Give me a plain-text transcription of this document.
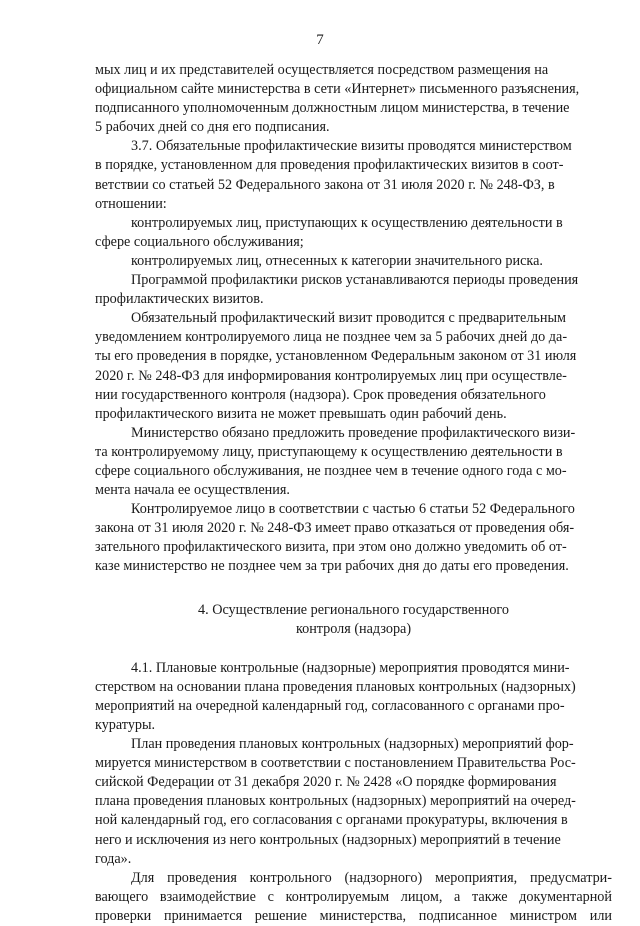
7

мых лиц и их представителей осуществляется посредством размещения на
официальном сайте министерства в сети «Интернет» письменного разъяснения,
подписанного уполномоченным должностным лицом министерства, в течение
5 рабочих дней со дня его подписания.

3.7. Обязательные профилактические визиты проводятся министерством
в порядке, установленном для проведения профилактических визитов в соот-
ветствии со статьей 52 Федерального закона от 31 июля 2020 г. № 248-ФЗ, в
отношении:

контролируемых лиц, приступающих к осуществлению деятельности в
сфере социального обслуживания;

контролируемых лиц, отнесенных к категории значительного риска.

Программой профилактики рисков устанавливаются периоды проведения
профилактических визитов.

Обязательный профилактический визит проводится с предварительным
уведомлением контролируемого лица не позднее чем за 5 рабочих дней до да-
ты его проведения в порядке, установленном Федеральным законом от 31 июля
2020 г. № 248-ФЗ для информирования контролируемых лиц при осуществле-
нии государственного контроля (надзора). Срок проведения обязательного
профилактического визита не может превышать один рабочий день.

Министерство обязано предложить проведение профилактического визи-
та контролируемому лицу, приступающему к осуществлению деятельности в
сфере социального обслуживания, не позднее чем в течение одного года с мо-
мента начала ее осуществления.

Контролируемое лицо в соответствии с частью 6 статьи 52 Федерального
закона от 31 июля 2020 г. № 248-ФЗ имеет право отказаться от проведения обя-
зательного профилактического визита, при этом оно должно уведомить об от-
казе министерство не позднее чем за три рабочих дня до даты его проведения.

4. Осуществление регионального государственного
контроля (надзора)

4.1. Плановые контрольные (надзорные) мероприятия проводятся мини-
стерством на основании плана проведения плановых контрольных (надзорных)
мероприятий на очередной календарный год, согласованного с органами про-
куратуры.

План проведения плановых контрольных (надзорных) мероприятий фор-
мируется министерством в соответствии с постановлением Правительства Рос-
сийской Федерации от 31 декабря 2020 г. № 2428 «О порядке формирования
плана проведения плановых контрольных (надзорных) мероприятий на очеред-
ной календарный год, его согласования с органами прокуратуры, включения в
него и исключения из него контрольных (надзорных) мероприятий в течение
года».

Для проведения контрольного (надзорного) мероприятия, предусматри-
вающего взаимодействие с контролируемым лицом, а также документарной
проверки принимается решение министерства, подписанное министром или
